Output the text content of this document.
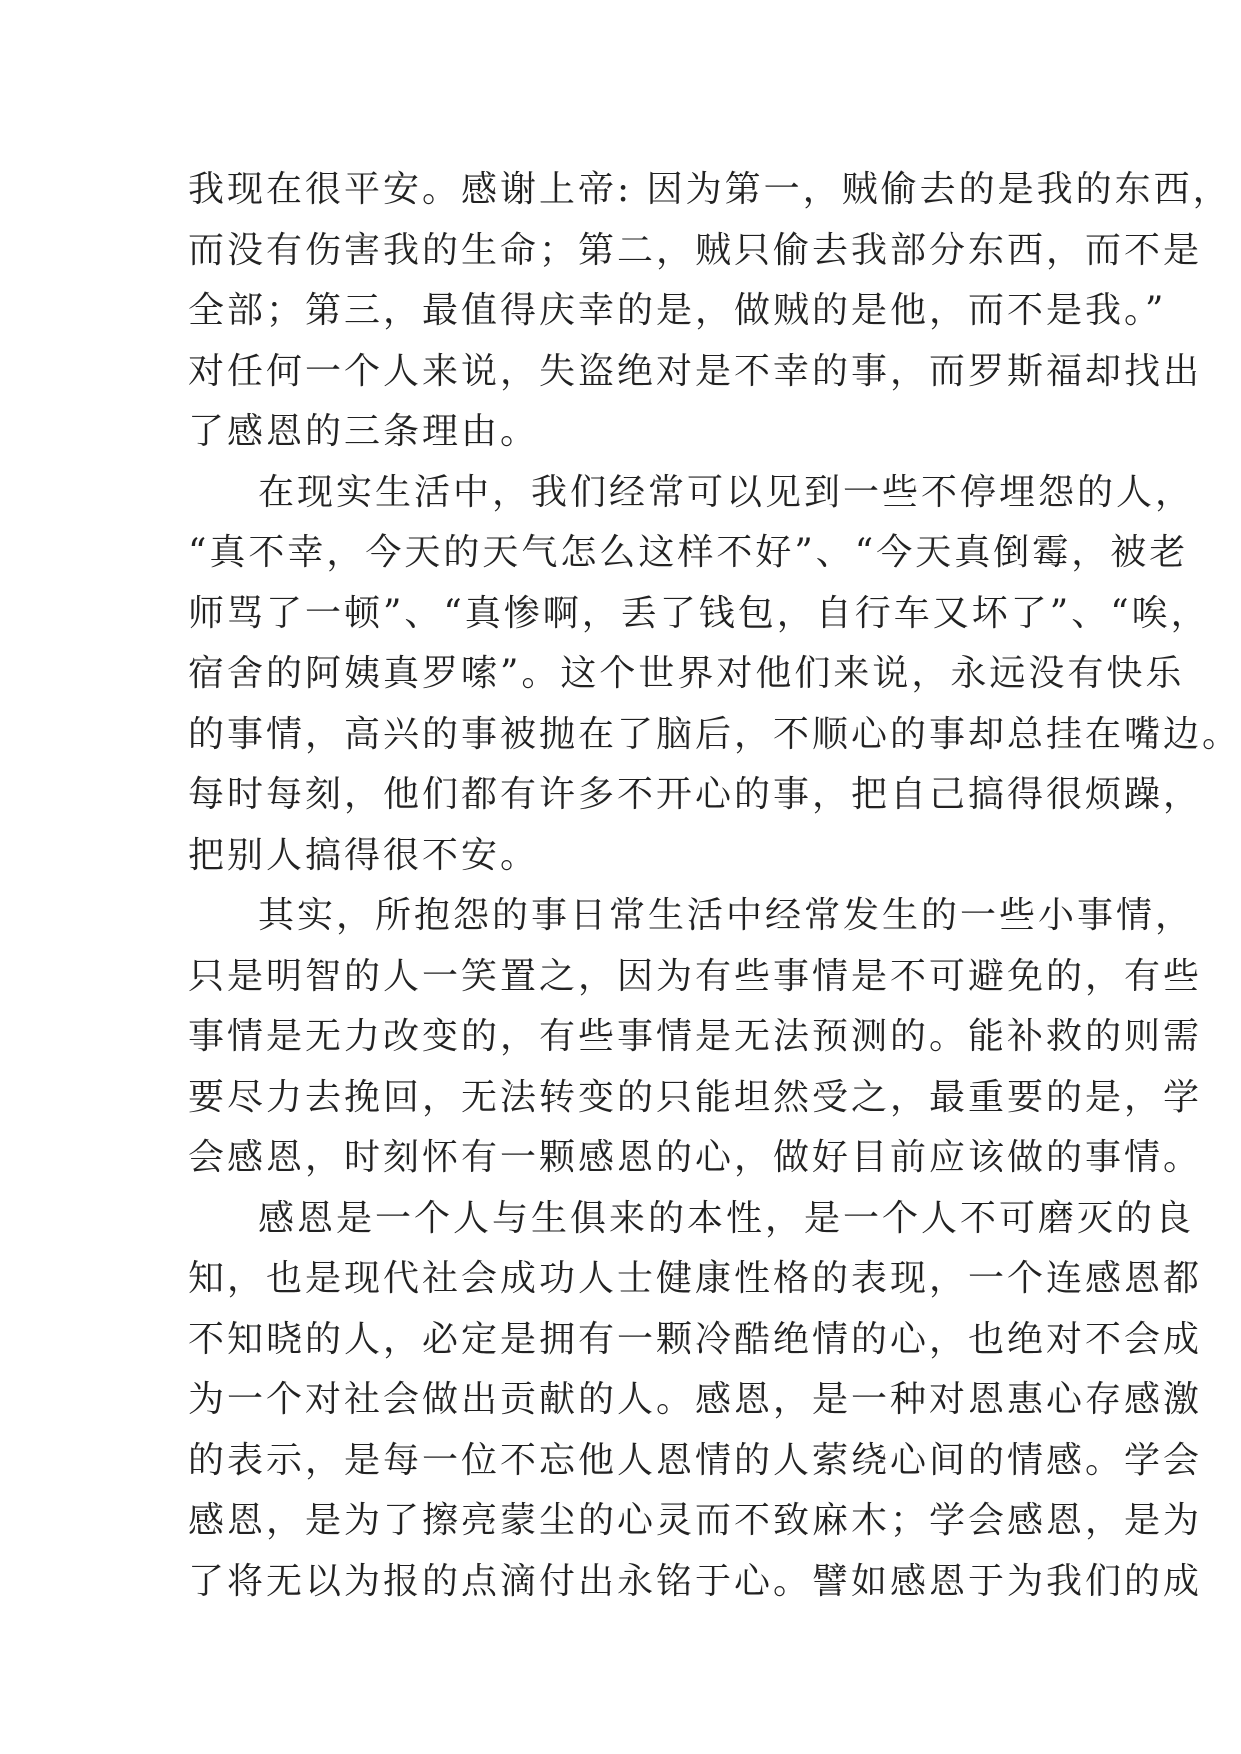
我现在很平安。感谢上帝: 因为第一，贼偷去的是我的东西，
而没有伤害我的生命；第二，贼只偷去我部分东西，而不是
全部；第三，最值得庆幸的是，做贼的是他，而不是我。”
对任何一个人来说，失盗绝对是不幸的事，而罗斯福却找出
了感恩的三条理由。
在现实生活中，我们经常可以见到一些不停埋怨的人，
“真不幸，今天的天气怎么这样不好”、“今天真倒霉，被老
师骂了一顿”、“真惨啊，丢了钱包，自行车又坏了”、“唉，
宿舍的阿姨真罗嗦”。这个世界对他们来说，永远没有快乐
的事情，高兴的事被抛在了脑后，不顺心的事却总挂在嘴边。
每时每刻，他们都有许多不开心的事，把自己搞得很烦躁，
把别人搞得很不安。
其实，所抱怨的事日常生活中经常发生的一些小事情，
只是明智的人一笑置之，因为有些事情是不可避免的，有些
事情是无力改变的，有些事情是无法预测的。能补救的则需
要尽力去挽回，无法转变的只能坦然受之，最重要的是，学
会感恩，时刻怀有一颗感恩的心，做好目前应该做的事情。
感恩是一个人与生俱来的本性，是一个人不可磨灭的良
知，也是现代社会成功人士健康性格的表现，一个连感恩都
不知晓的人，必定是拥有一颗冷酷绝情的心，也绝对不会成
为一个对社会做出贡献的人。感恩，是一种对恩惠心存感激
的表示，是每一位不忘他人恩情的人萦绕心间的情感。学会
感恩，是为了擦亮蒙尘的心灵而不致麻木；学会感恩，是为
了将无以为报的点滴付出永铭于心。譬如感恩于为我们的成
